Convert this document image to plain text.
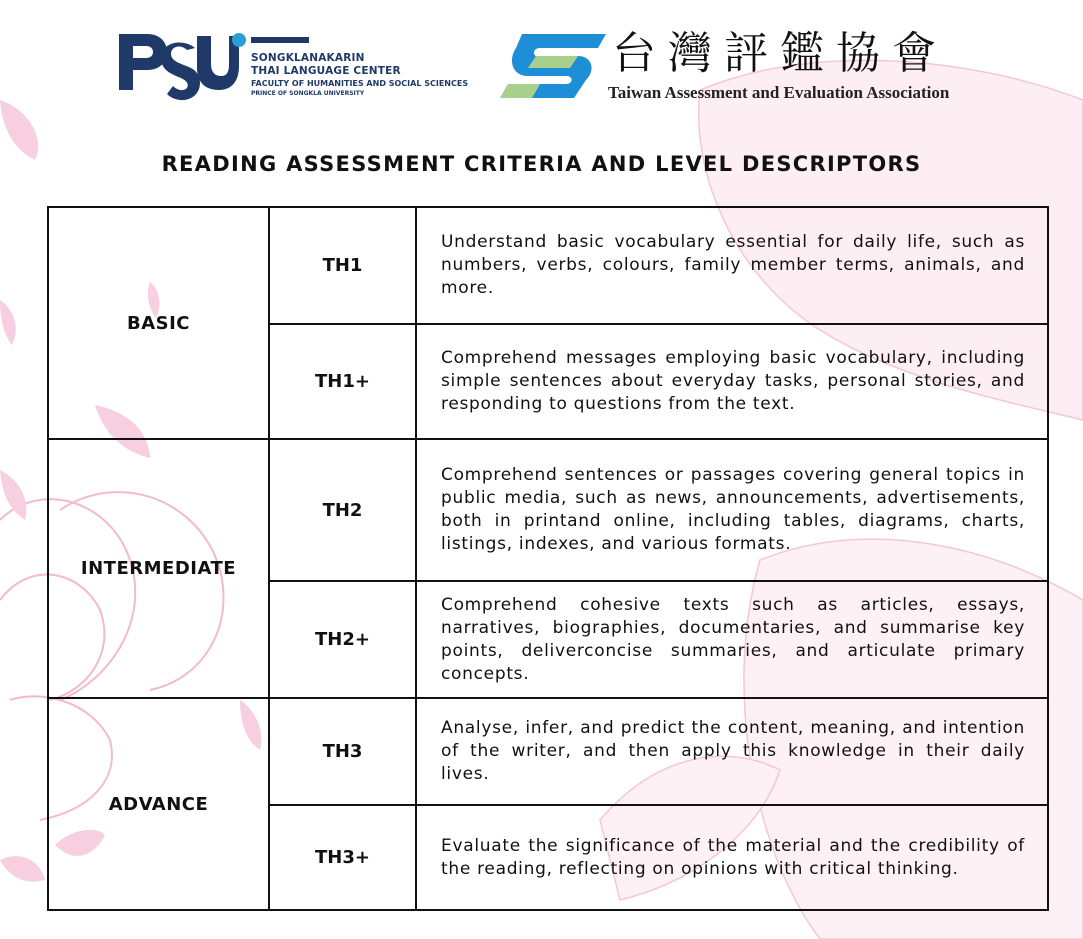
SONGKLANAKARIN
THAI LANGUAGE CENTER
FACULTY OF HUMANITIES AND SOCIAL SCIENCES
PRINCE OF SONGKLA UNIVERSITY
台灣評鑑協會
Taiwan Assessment and Evaluation Association
READING ASSESSMENT CRITERIA AND LEVEL DESCRIPTORS
BASIC	TH1	Understand basic vocabulary essential for daily life, such as numbers, verbs, colours, family member terms, animals, and more.
	TH1+	Comprehend messages employing basic vocabulary, including simple sentences about everyday tasks, personal stories, and responding to questions from the text.
INTERMEDIATE	TH2	Comprehend sentences or passages covering general topics in public media, such as news, announcements, advertisements, both in printand online, including tables, diagrams, charts, listings, indexes, and various formats.
	TH2+	Comprehend cohesive texts such as articles, essays, narratives, biographies, documentaries, and summarise key points, deliverconcise summaries, and articulate primary concepts.
ADVANCE	TH3	Analyse, infer, and predict the content, meaning, and intention of the writer, and then apply this knowledge in their daily lives.
	TH3+	Evaluate the significance of the material and the credibility of the reading, reflecting on opinions with critical thinking.
